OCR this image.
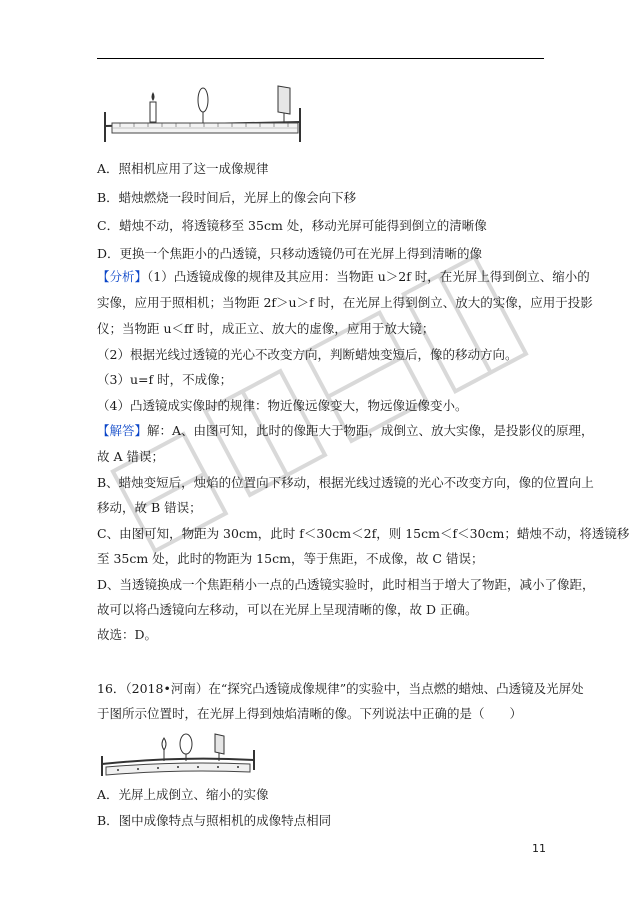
A．照相机应用了这一成像规律
B．蜡烛燃烧一段时间后，光屏上的像会向下移
C．蜡烛不动，将透镜移至 35cm 处，移动光屏可能得到倒立的清晰像
D．更换一个焦距小的凸透镜，只移动透镜仍可在光屏上得到清晰的像
【分析】（1）凸透镜成像的规律及其应用：当物距 u＞2f 时，在光屏上得到倒立、缩小的
实像，应用于照相机；当物距 2f＞u＞f 时，在光屏上得到倒立、放大的实像，应用于投影
仪；当物距 u＜ff 时，成正立、放大的虚像，应用于放大镜；
（2）根据光线过透镜的光心不改变方向，判断蜡烛变短后，像的移动方向。
（3）u=f 时，不成像；
（4）凸透镜成实像时的规律：物近像远像变大，物远像近像变小。
【解答】解：A、由图可知，此时的像距大于物距，成倒立、放大实像，是投影仪的原理，
故 A 错误；
B、蜡烛变短后，烛焰的位置向下移动，根据光线过透镜的光心不改变方向，像的位置向上
移动，故 B 错误；
C、由图可知，物距为 30cm，此时 f＜30cm＜2f，则 15cm＜f＜30cm；蜡烛不动，将透镜移
至 35cm 处，此时的物距为 15cm，等于焦距，不成像，故 C 错误；
D、当透镜换成一个焦距稍小一点的凸透镜实验时，此时相当于增大了物距，减小了像距，
故可以将凸透镜向左移动，可以在光屏上呈现清晰的像，故 D 正确。
故选：D。
16．（2018•河南）在“探究凸透镜成像规律”的实验中，当点燃的蜡烛、凸透镜及光屏处
于图所示位置时，在光屏上得到烛焰清晰的像。下列说法中正确的是（　　）
A．光屏上成倒立、缩小的实像
B．图中成像特点与照相机的成像特点相同
11
